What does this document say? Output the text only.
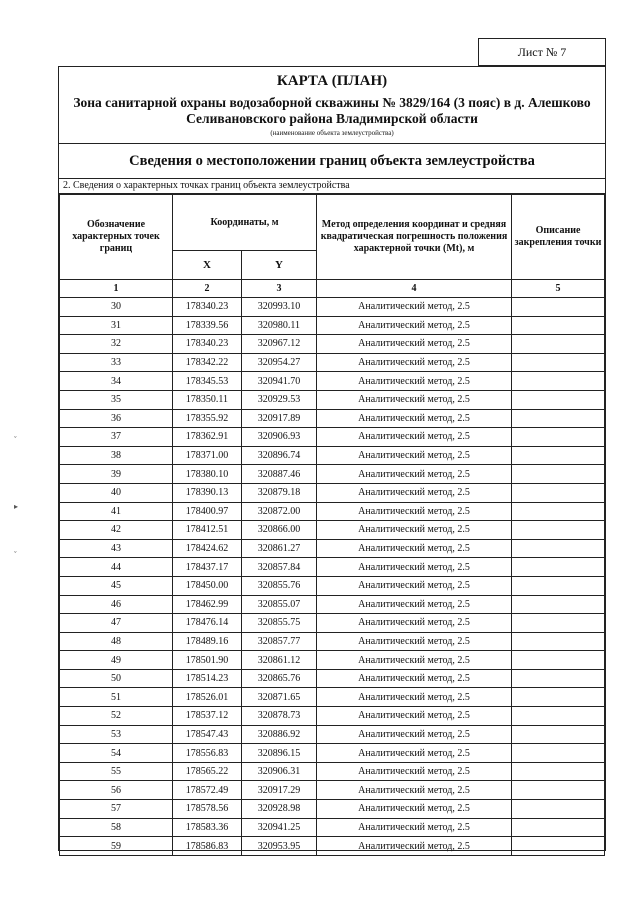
Лист № 7
КАРТА (ПЛАН)
Зона санитарной охраны водозаборной скважины № 3829/164 (3 пояс) в д. Алешково Селивановского района Владимирской области
(наименование объекта землеустройства)
Сведения о местоположении границ объекта землеустройства
2. Сведения о характерных точках границ объекта землеустройства
Обозначение характерных точек границ	Координаты, м		Метод определения координат и средняя квадратическая погрешность положения характерной точки (Mt), м	Описание закрепления точки
	X	Y		
1	2	3	4	5
30	178340.23	320993.10	Аналитический метод, 2.5	
31	178339.56	320980.11	Аналитический метод, 2.5	
32	178340.23	320967.12	Аналитический метод, 2.5	
33	178342.22	320954.27	Аналитический метод, 2.5	
34	178345.53	320941.70	Аналитический метод, 2.5	
35	178350.11	320929.53	Аналитический метод, 2.5	
36	178355.92	320917.89	Аналитический метод, 2.5	
37	178362.91	320906.93	Аналитический метод, 2.5	
38	178371.00	320896.74	Аналитический метод, 2.5	
39	178380.10	320887.46	Аналитический метод, 2.5	
40	178390.13	320879.18	Аналитический метод, 2.5	
41	178400.97	320872.00	Аналитический метод, 2.5	
42	178412.51	320866.00	Аналитический метод, 2.5	
43	178424.62	320861.27	Аналитический метод, 2.5	
44	178437.17	320857.84	Аналитический метод, 2.5	
45	178450.00	320855.76	Аналитический метод, 2.5	
46	178462.99	320855.07	Аналитический метод, 2.5	
47	178476.14	320855.75	Аналитический метод, 2.5	
48	178489.16	320857.77	Аналитический метод, 2.5	
49	178501.90	320861.12	Аналитический метод, 2.5	
50	178514.23	320865.76	Аналитический метод, 2.5	
51	178526.01	320871.65	Аналитический метод, 2.5	
52	178537.12	320878.73	Аналитический метод, 2.5	
53	178547.43	320886.92	Аналитический метод, 2.5	
54	178556.83	320896.15	Аналитический метод, 2.5	
55	178565.22	320906.31	Аналитический метод, 2.5	
56	178572.49	320917.29	Аналитический метод, 2.5	
57	178578.56	320928.98	Аналитический метод, 2.5	
58	178583.36	320941.25	Аналитический метод, 2.5	
59	178586.83	320953.95	Аналитический метод, 2.5	
ˇ
▸
ˇ
